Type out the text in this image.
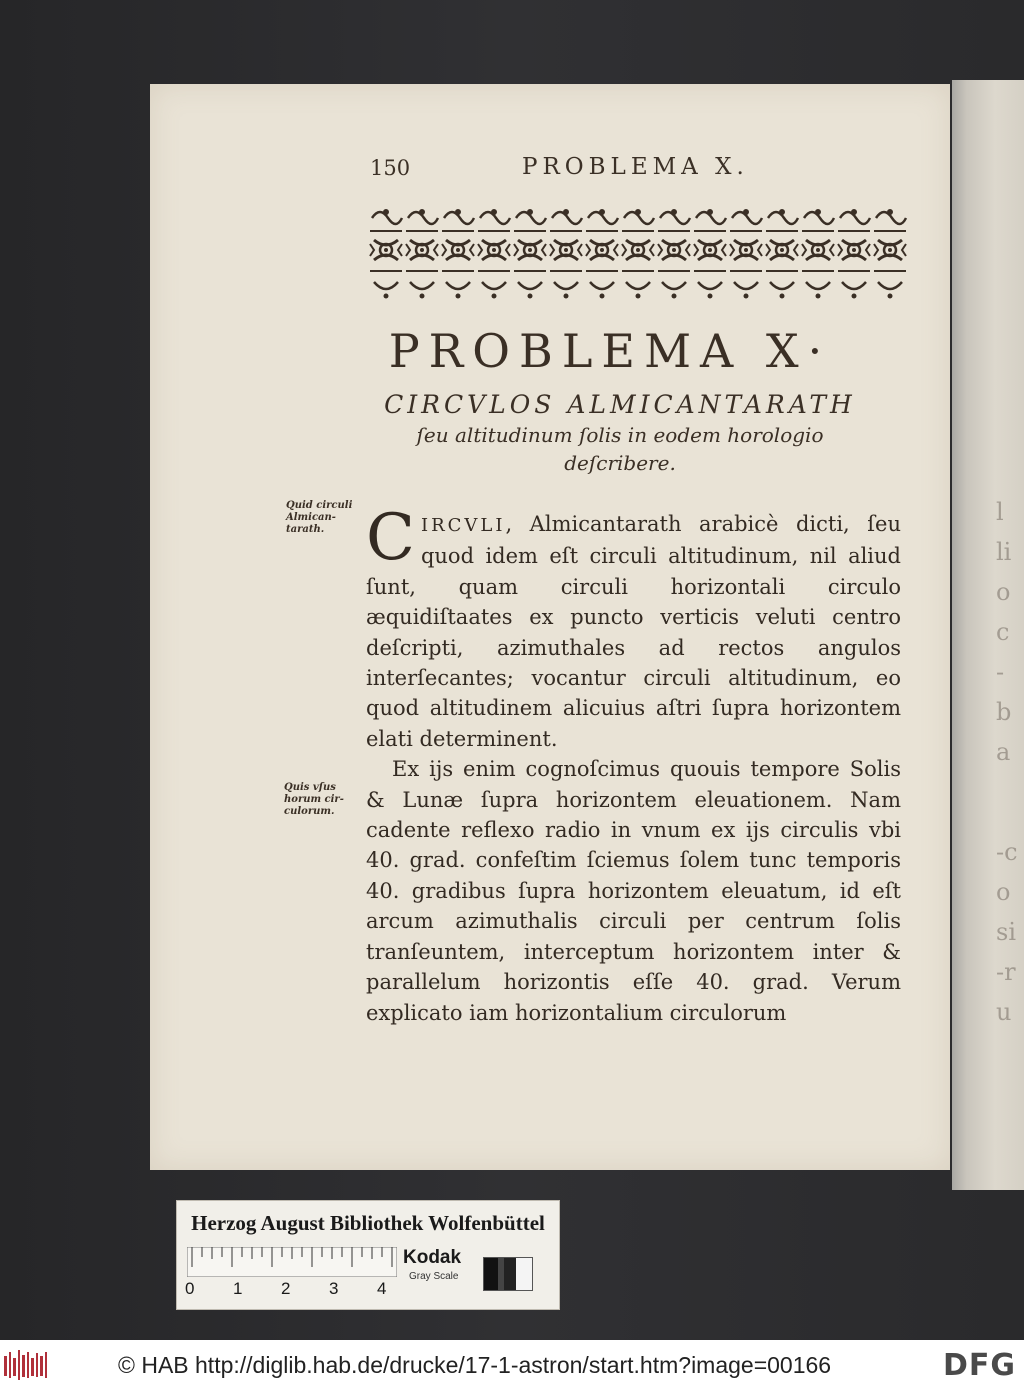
l
li
o
c
-
b
a
-c
o
si
-r
u
150	PROBLEMA X.
PROBLEMA X·
CIRCVLOS ALMICANTARATH
ſeu altitudinum ſolis in eodem horologio
deſcribere.
Quid circuli Almican-tarath.
Quis vſus horum cir-culorum.

CIRCVLI, Almicantarath arabicè dicti, ſeu quod idem eſt circuli altitudinum, nil aliud ſunt, quam circuli horizontali circulo æquidiſtaates ex puncto verticis veluti centro deſcripti, azimuthales ad rectos angulos interſecantes; vocantur circuli altitudinum, eo quod altitudinem alicuius aſtri ſupra horizontem elati determinent.

Ex ijs enim cognoſcimus quouis tempore Solis & Lunæ ſupra horizontem eleuationem. Nam cadente reflexo radio in vnum ex ijs circulis vbi 40. grad. confeſtim ſciemus ſolem tunc temporis 40. gradibus ſupra horizontem eleuatum, id eſt arcum azimuthalis circuli per centrum ſolis tranſeuntem, interceptum horizontem inter & parallelum horizontis eſſe 40. grad. Verum explicato iam horizontalium circulorum

Herzog August Bibliothek Wolfenbüttel
0 1 2 3 4
Kodak
Gray Scale
© HAB http://diglib.hab.de/drucke/17-1-astron/start.htm?image=00166	DFG
